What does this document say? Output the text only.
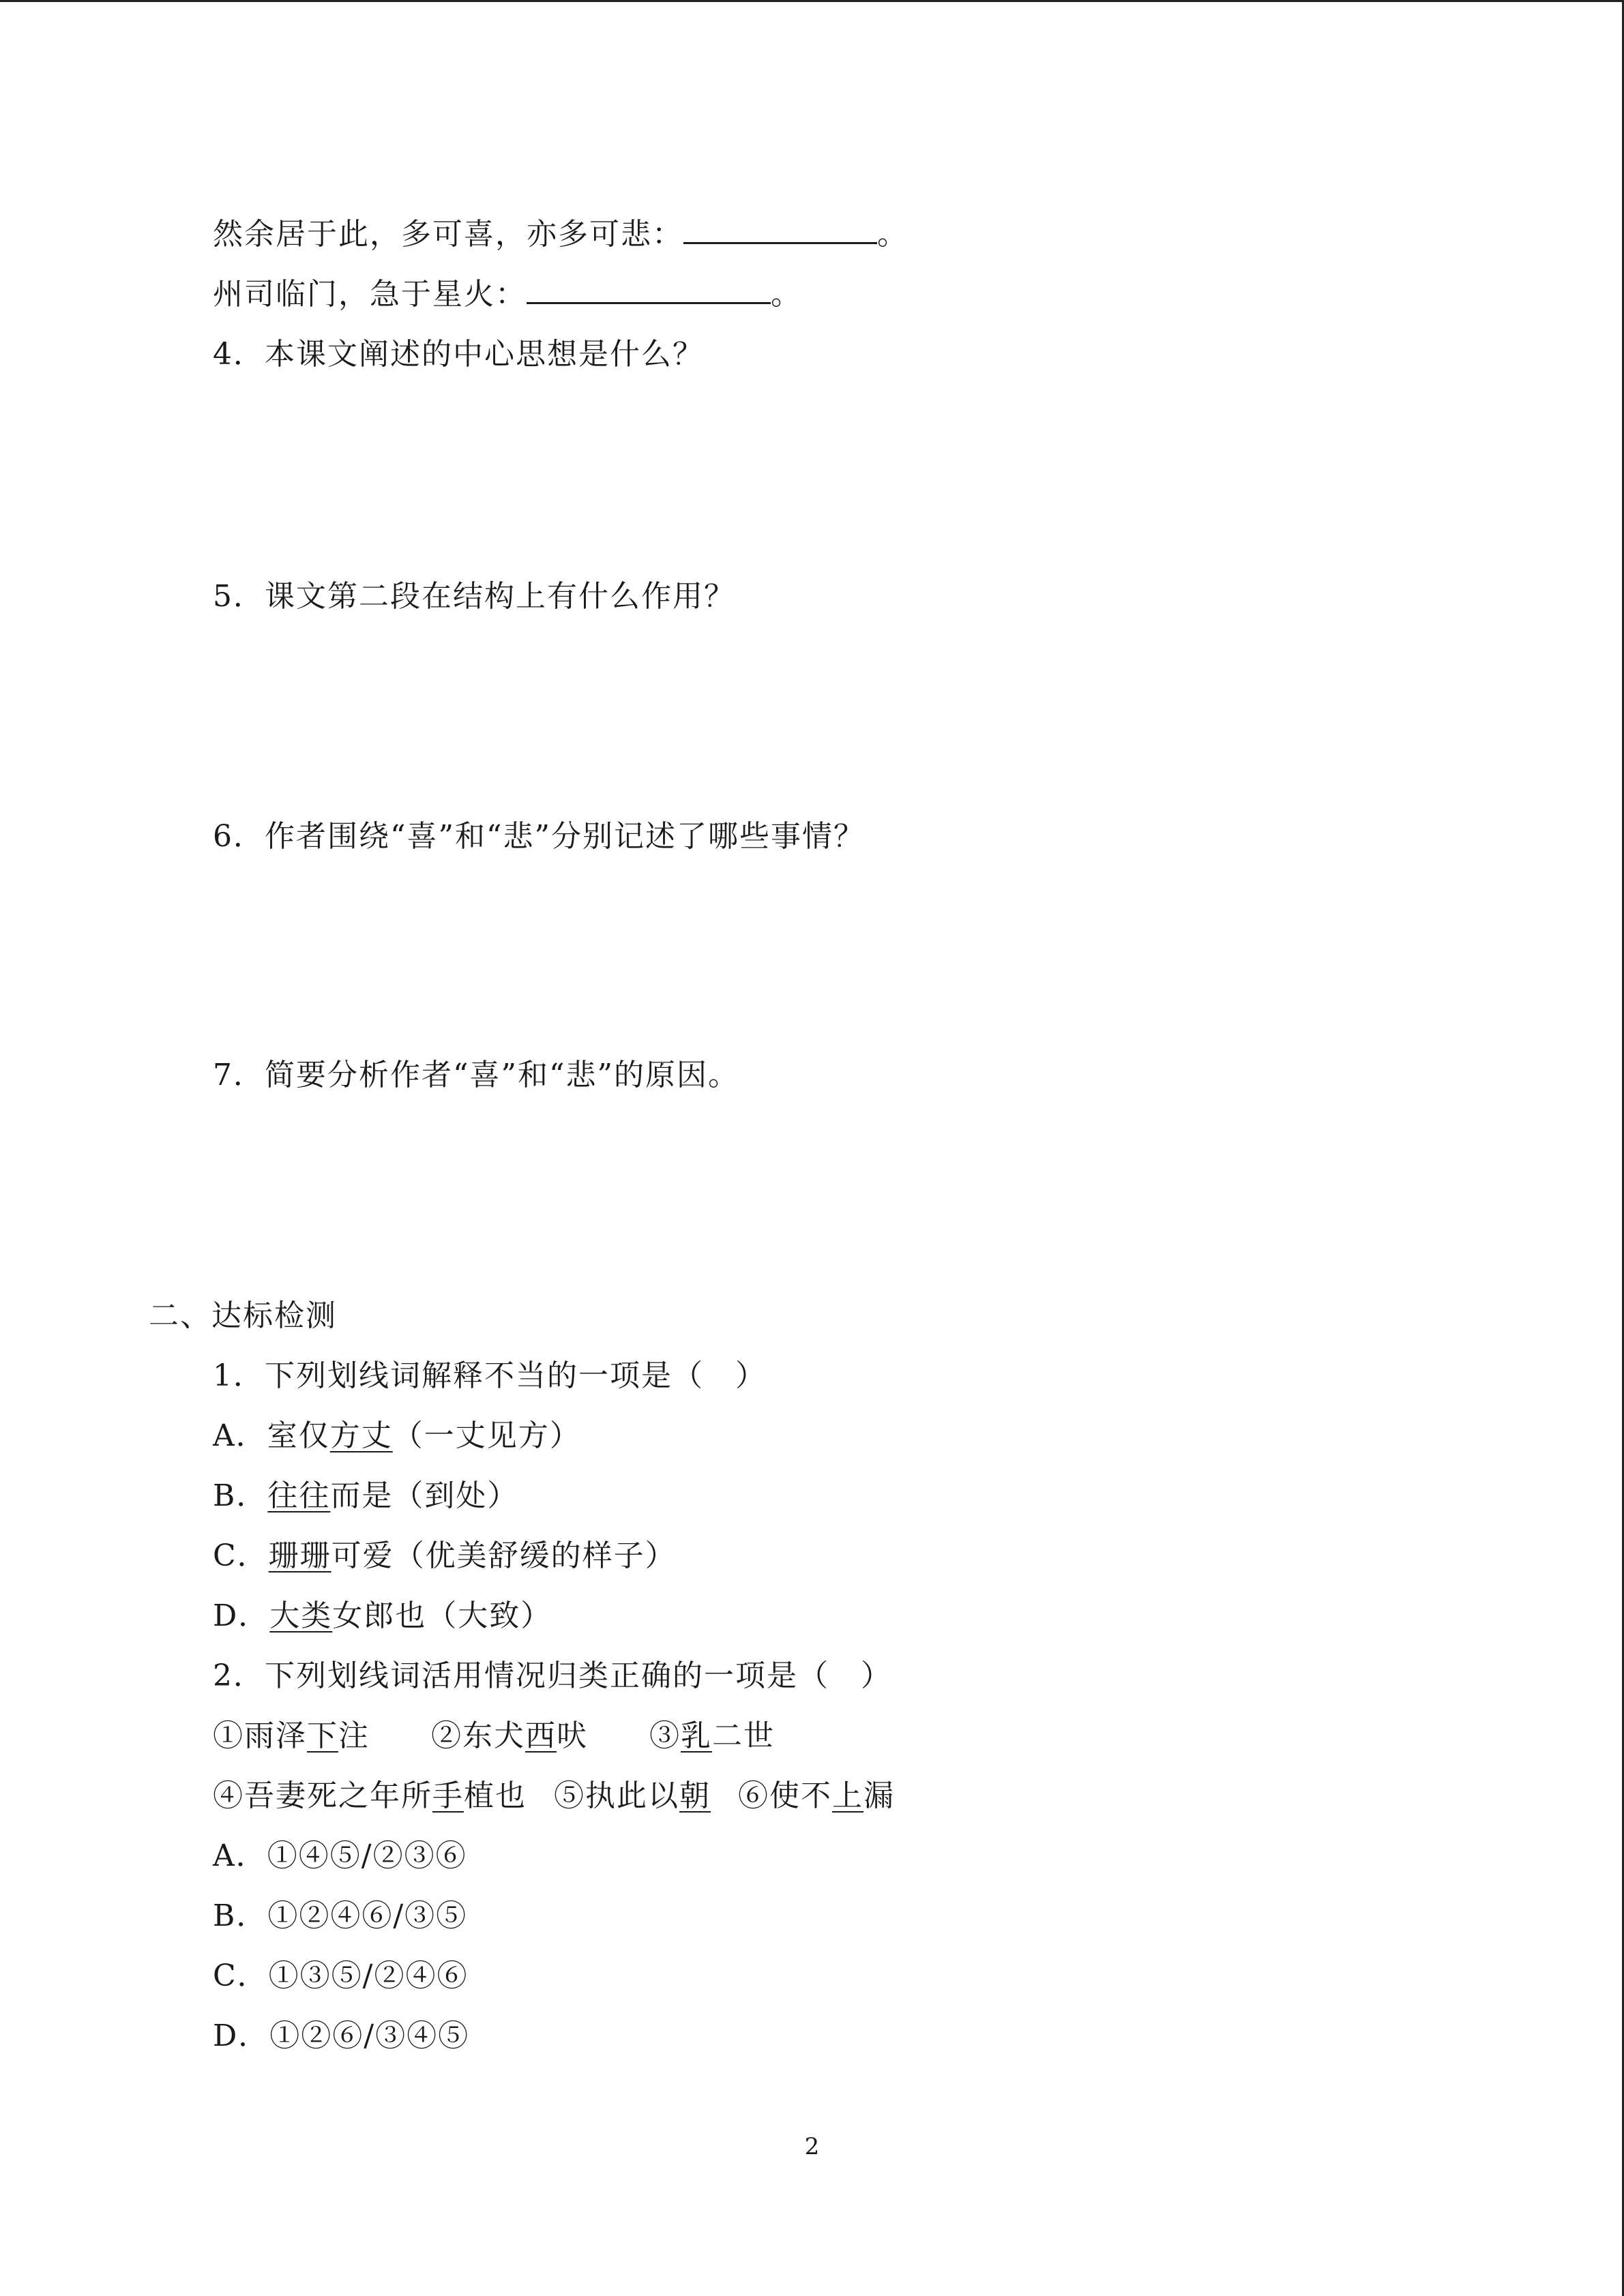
然余居于此，多可喜，亦多可悲：	。
州司临门，急于星火：	。
4．本课文阐述的中心思想是什么？
5．课文第二段在结构上有什么作用？
6．作者围绕“喜”和“悲”分别记述了哪些事情？
7．简要分析作者“喜”和“悲”的原因。
二、达标检测
1．下列划线词解释不当的一项是（　）
A．室仅方丈（一丈见方）
B．往往而是（到处）
C．珊珊可爱（优美舒缓的样子）
D．大类女郎也（大致）
2．下列划线词活用情况归类正确的一项是（　）
①雨泽下注 ②东犬西吠 ③乳二世
④吾妻死之年所手植也 ⑤执此以朝 ⑥使不上漏
A．①④⑤/②③⑥
B．①②④⑥/③⑤
C．①③⑤/②④⑥
D．①②⑥/③④⑤
2
